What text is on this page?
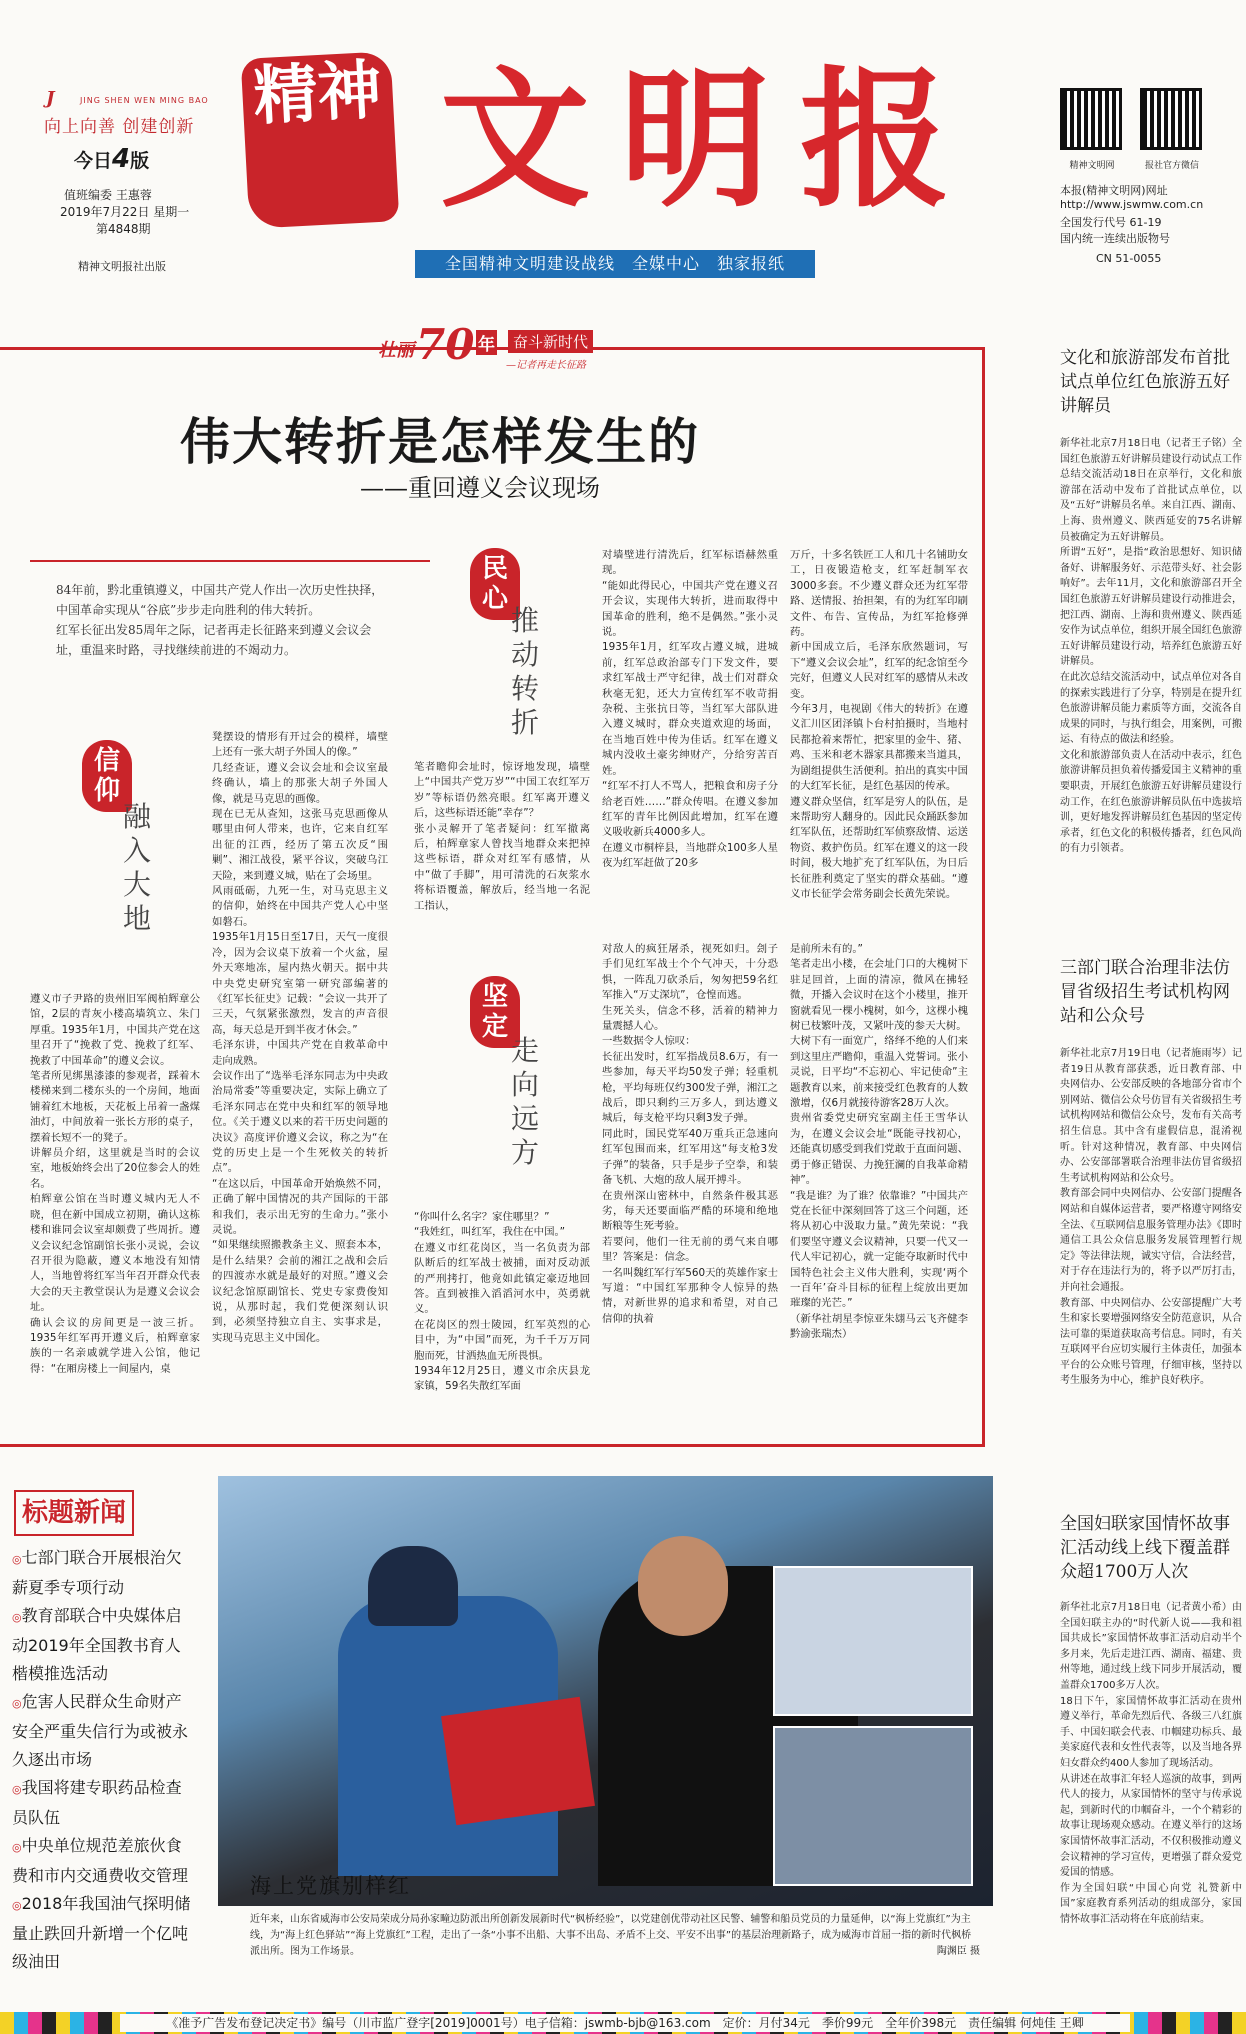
J	JING SHEN WEN MING BAO
向上向善 创建创新
今日4版
值班编委 王惠蓉
2019年7月22日 星期一
第4848期
精神文明报社出版
精神 文明报
全国精神文明建设战线　全媒中心　独家报纸
精神文明网	报社官方微信
本报(精神文明网)网址
http://www.jswmw.com.cn
全国发行代号 61-19
国内统一连续出版物号
CN 51-0055
壮丽 70 年	奋斗新时代
—记者再走长征路
伟大转折是怎样发生的
——重回遵义会议现场
84年前，黔北重镇遵义，中国共产党人作出一次历史性抉择，中国革命实现从“谷底”步步走向胜利的伟大转折。
红军长征出发85周年之际，记者再走长征路来到遵义会议会址，重温来时路，寻找继续前进的不竭动力。
信仰
融入大地
民心
推动转折
坚定
走向远方
遵义市子尹路的贵州旧军阀柏辉章公馆，2层的青灰小楼高墙筑立、朱门厚重。1935年1月，中国共产党在这里召开了“挽救了党、挽救了红军、挽救了中国革命”的遵义会议。
笔者所见绑黑漆漆的参观者，踩着木楼梯来到二楼东头的一个房间，地面铺着红木地板，天花板上吊着一盏煤油灯，中间放着一张长方形的桌子，摆着长短不一的凳子。
讲解员介绍，这里就是当时的会议室，地板始终会出了20位参会人的姓名。
柏辉章公馆在当时遵义城内无人不晓，但在新中国成立初期，确认这栋楼和谁同会议室却颇费了些周折。遵义会议纪念馆副馆长张小灵说，会议召开很为隐蔽，遵义本地没有知情人，当地曾将红军当年召开群众代表大会的天主教堂误认为是遵义会议会址。
确认会议的房间更是一波三折。1935年红军再开遵义后，柏辉章家族的一名亲戚就学进入公馆，他记得：“在厢房楼上一间屋内，桌
凳摆设的情形有开过会的模样，墙壁上还有一张大胡子外国人的像。”
几经查证，遵义会议会址和会议室最终确认，墙上的那张大胡子外国人像，就是马克思的画像。
现在已无从查知，这张马克思画像从哪里由何人带来，也许，它来自红军出征的江西，经历了第五次反“围剿”、湘江战役，紧平谷议，突破乌江天险，来到遵义城，贴在了会场里。
风雨砥砺，九死一生，对马克思主义的信仰，始终在中国共产党人心中坚如磐石。
1935年1月15日至17日，天气一度很冷，因为会议桌下放着一个火盆，屋外天寒地冻，屋内热火朝天。据中共中央党史研究室第一研究部编著的《红军长征史》记载：“会议一共开了三天，气氛紧张激烈，发言的声音很高，每天总是开到半夜才休会。”
毛泽东讲，中国共产党在自救革命中走向成熟。
会议作出了“选举毛泽东同志为中央政治局常委”等重要决定，实际上确立了毛泽东同志在党中央和红军的领导地位。《关于遵义以来的若干历史问题的决议》高度评价遵义会议，称之为“在党的历史上是一个生死攸关的转折点”。
“在这以后，中国革命开始焕然不同，正确了解中国情况的共产国际的干部和我们，表示出无穷的生命力。”张小灵说。
“如果继续照搬教条主义、照套本本，是什么结果？会前的湘江之战和会后的四渡赤水就是最好的对照。”遵义会议纪念馆原副馆长、党史专家费俊知说，从那时起，我们党便深刻认识到，必须坚持独立自主、实事求是，实现马克思主义中国化。
笔者瞻仰会址时，惊讶地发现，墙壁上“中国共产党万岁”“中国工农红军万岁”等标语仍然亮眼。红军离开遵义后，这些标语还能“幸存”？
张小灵解开了笔者疑问：红军撤离后，柏辉章家人曾找当地群众来把掉这些标语，群众对红军有感情，从中“做了手脚”，用可清洗的石灰浆水将标语覆盖，解放后，经当地一名泥工指认，
对墙壁进行清洗后，红军标语赫然重现。
“能如此得民心，中国共产党在遵义召开会议，实现伟大转折，进而取得中国革命的胜利，绝不是偶然。”张小灵说。
1935年1月，红军攻占遵义城，进城前，红军总政治部专门下发文件，要求红军战士严守纪律，战士们对群众秋毫无犯，还大力宣传红军不收苛捐杂税、主张抗日等，当红军大部队进入遵义城时，群众夹道欢迎的场面，在当地百姓中传为佳话。红军在遵义城内没收土豪劣绅财产，分给穷苦百姓。
“红军不打人不骂人，把粮食和房子分给老百姓……”群众传唱。在遵义参加红军的青年比例因此增加，红军在遵义吸收新兵4000多人。
在遵义市桐梓县，当地群众100多人星夜为红军赶做了20多
万斤，十多名铁匠工人和几十名铺助女工，日夜锻造枪支，红军赶制军衣3000多套。不少遵义群众还为红军带路、送情报、抬担架，有的为红军印刷文件、布告、宣传品，为红军抢修弹药。
新中国成立后，毛泽东欣然题词，写下“遵义会议会址”，红军的纪念馆至今完好，但遵义人民对红军的感情从未改变。
今年3月，电视剧《伟大的转折》在遵义汇川区团泽镇卜台村拍摄时，当地村民都抢着来帮忙，把家里的金牛、猪、鸡、玉米和老木器家具都搬来当道具，为剧组提供生活便利。拍出的真实中国的大红军长征，是红色基因的传承。
遵义群众坚信，红军是穷人的队伍，是来帮助穷人翻身的。因此民众踊跃参加红军队伍，还帮助红军侦察敌情、运送物资、救护伤员。红军在遵义的这一段时间，极大地扩充了红军队伍，为日后长征胜利奠定了坚实的群众基础。“遵义市长征学会常务副会长黄先荣说。
“你叫什么名字？家住哪里？”
“我姓红，叫红军，我住在中国。”
在遵义市红花岗区，当一名负责为部队断后的红军战士被捕，面对反动派的严刑拷打，他竟如此镇定豪迈地回答。直到被推入滔滔河水中，英勇就义。
在花岗区的烈士陵园，红军英烈的心目中，为“中国”而死，为千千万万同胞而死，甘洒热血无所畏惧。
1934年12月25日，遵义市余庆县龙家镇，59名失散红军面
对敌人的疯狂屠杀，视死如归。刽子手们见红军战士个个气冲天，十分恐惧，一阵乱刀砍杀后，匆匆把59名红军推入“万丈深坑”，仓惶而逃。
生死关头，信念不移，活着的精神力量震撼人心。
一些数据令人惊叹：
长征出发时，红军指战员8.6万，有一些参加，每天平均50发子弹；轻重机枪，平均每班仅约300发子弹，湘江之战后，即只剩约三万多人，到达遵义城后，每支枪平均只剩3发子弹。
同此时，国民党军40万重兵正急速向红军包围而来，红军用这“每支枪3发子弹”的装备，只手是步子空拳，和装备飞机、大炮的敌人展开搏斗。
在贵州深山密林中，自然条件极其恶劣，每天还要面临严酷的环境和绝地断粮等生死考验。
若要问，他们一往无前的勇气来自哪里？答案是：信念。
一名叫魏红军行军560天的英雄作家士写道：“中国红军那种令人惊异的热情，对新世界的追求和希望，对自己信仰的执着
是前所未有的。”
笔者走出小楼，在会址门口的大槐树下驻足回首，上面的清凉，微风在拂轻微，开播入会议时在这个小楼里，推开窗就看见一棵小槐树，如今，这棵小槐树已枝繁叶茂，又紧叶茂的参天大树。
大树下有一面宽广，络绎不绝的人们来到这里庄严瞻仰，重温入党誓词。张小灵说，日平均“不忘初心、牢记使命”主题教育以来，前来接受红色教育的人数激增，仅6月就接待游客28万人次。
贵州省委党史研究室副主任王雪华认为，在遵义会议会址“既能寻找初心，还能真切感受到我们党敢于直面问题、勇于修正错误、力挽狂澜的自我革命精神”。
“我是谁？为了谁？依靠谁？”中国共产党在长征中深刻回答了这三个问题，还将从初心中汲取力量。”黄先荣说：“我们要坚守遵义会议精神，只要一代又一代人牢记初心，就一定能夺取新时代中国特色社会主义伟大胜利，实现‘两个一百年’奋斗目标的征程上绽放出更加璀璨的光芒。”
（新华社胡星李惊亚朱翃马云飞齐健李黔渝张瑞杰）
文化和旅游部发布首批试点单位红色旅游五好讲解员
新华社北京7月18日电（记者王子铭）全国红色旅游五好讲解员建设行动试点工作总结交流活动18日在京举行，文化和旅游部在活动中发布了首批试点单位，以及“五好”讲解员名单。来自江西、湖南、上海、贵州遵义、陕西延安的75名讲解员被确定为五好讲解员。
所谓“五好”，是指“政治思想好、知识储备好、讲解服务好、示范带头好、社会影响好”。去年11月，文化和旅游部召开全国红色旅游五好讲解员建设行动推进会，把江西、湖南、上海和贵州遵义、陕西延安作为试点单位，组织开展全国红色旅游五好讲解员建设行动，培养红色旅游五好讲解员。
在此次总结交流活动中，试点单位对各自的探索实践进行了分享，特别是在提升红色旅游讲解员能力素质等方面，交流各自成果的同时，与执行组会，用案例，可搬运、有待点的做法和经验。
文化和旅游部负责人在活动中表示，红色旅游讲解员担负着传播爱国主义精神的重要职责，开展红色旅游五好讲解员建设行动工作，在红色旅游讲解员队伍中选拔培训，更好地发挥讲解员红色基因的坚定传承者，红色文化的积极传播者，红色风尚的有力引领者。
三部门联合治理非法仿冒省级招生考试机构网站和公众号
新华社北京7月19日电（记者施雨岑）记者19日从教育部获悉，近日教育部、中央网信办、公安部反映的各地部分省市个别网站、微信公众号仿冒有关省级招生考试机构网站和微信公众号，发布有关高考招生信息。其中含有虚假信息，混淆视听。针对这种情况，教育部、中央网信办、公安部部署联合治理非法仿冒省级招生考试机构网站和公众号。
教育部会同中央网信办、公安部门提醒各网站和自媒体运营者，要严格遵守网络安全法、《互联网信息服务管理办法》《即时通信工具公众信息服务发展管理暂行规定》等法律法规，诚实守信，合法经营，对于存在违法行为的，将予以严厉打击，并向社会通报。
教育部、中央网信办、公安部提醒广大考生和家长要增强网络安全防范意识，从合法可靠的渠道获取高考信息。同时，有关互联网平台应切实履行主体责任，加强本平台的公众账号管理，仔细审核，坚持以考生服务为中心，维护良好秩序。
全国妇联家国情怀故事汇活动线上线下覆盖群众超1700万人次
新华社北京7月18日电（记者黄小希）由全国妇联主办的“时代新人说——我和祖国共成长”家国情怀故事汇活动启动半个多月来，先后走进江西、湖南、福建、贵州等地，通过线上线下同步开展活动，覆盖群众1700多万人次。
18日下午，家国情怀故事汇活动在贵州遵义举行，革命先烈后代、各级三八红旗手、中国妇联会代表、巾帼建功标兵、最美家庭代表和女性代表等，以及当地各界妇女群众约400人参加了现场活动。
从讲述在故事汇年轻人巡演的故事，到两代人的接力，从家国情怀的坚守与传承说起，到新时代的巾帼奋斗，一个个精彩的故事让现场观众感动。在遵义举行的这场家国情怀故事汇活动，不仅积极推动遵义会议精神的学习宣传，更增强了群众爱党爱国的情感。
作为全国妇联“中国心向党 礼赞新中国”家庭教育系列活动的组成部分，家国情怀故事汇活动将在年底前结束。
标题新闻
◎七部门联合开展根治欠薪夏季专项行动
◎教育部联合中央媒体启动2019年全国教书育人楷模推选活动
◎危害人民群众生命财产安全严重失信行为或被永久逐出市场
◎我国将建专职药品检查员队伍
◎中央单位规范差旅伙食费和市内交通费收交管理
◎2018年我国油气探明储量止跌回升新增一个亿吨级油田
海上党旗别样红
近年来，山东省威海市公安局荣成分局孙家疃边防派出所创新发展新时代“枫桥经验”，以党建创优带动社区民警、辅警和船员党员的力量延伸，以“海上党旗红”为主线，为“海上红色驿站”“海上党旗红”工程，走出了一条“小事不出船、大事不出岛、矛盾不上交、平安不出事”的基层治理新路子，成为威海市首屈一指的新时代枫桥派出所。图为工作场景。　	陶渊臣 摄
《准予广告发布登记决定书》编号（川市监广登字[2019]0001号）电子信箱：jswmb-bjb@163.com　定价：月付34元　季价99元　全年价398元　责任编辑 何炖佳 王卿
